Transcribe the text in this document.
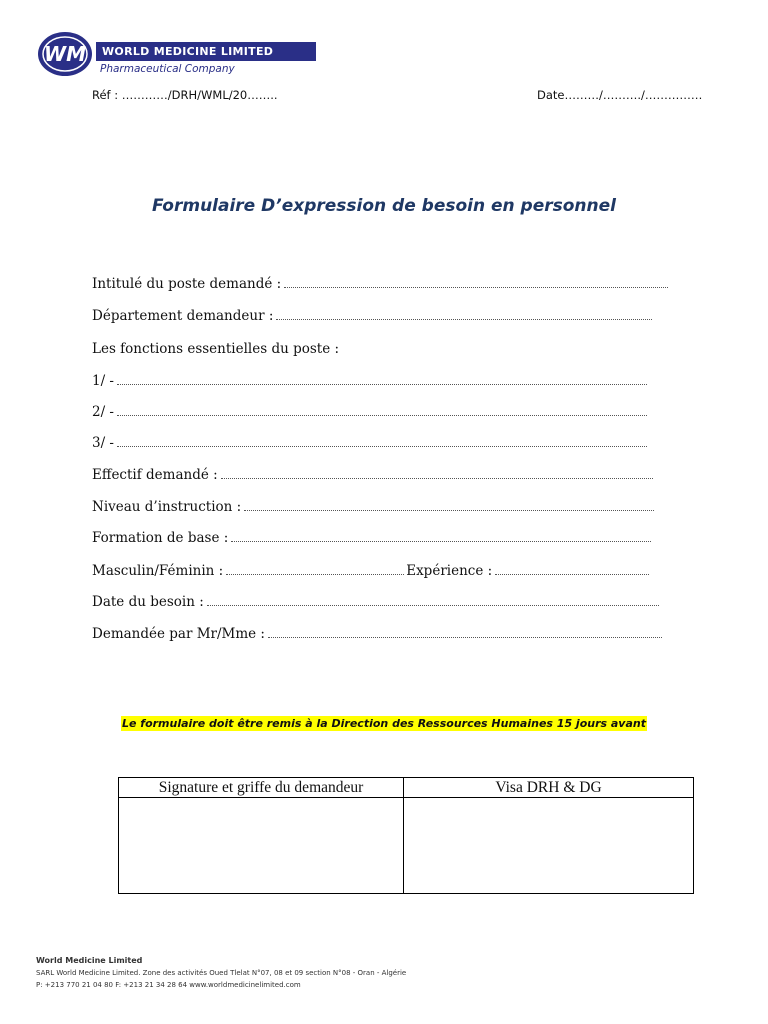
WM	WORLD MEDICINE LIMITED
Pharmaceutical Company
Réf : …………/DRH/WML/20……..	Date………/………./……………
Formulaire D’expression de besoin en personnel
Intitulé du poste demandé :
Département demandeur :
Les fonctions essentielles du poste :
1/ -
2/ -
3/ -
Effectif demandé :
Niveau d’instruction :
Formation de base :
Masculin/Féminin :	Expérience :
Date du besoin :
Demandée par Mr/Mme :
Le formulaire doit être remis à la Direction des Ressources Humaines 15 jours avant
Signature et griffe du demandeur	Visa DRH & DG
World Medicine Limited
SARL World Medicine Limited. Zone des activités Oued Tlelat N°07, 08 et 09 section N°08 - Oran - Algérie
P: +213 770 21 04 80 F: +213 21 34 28 64 www.worldmedicinelimited.com
